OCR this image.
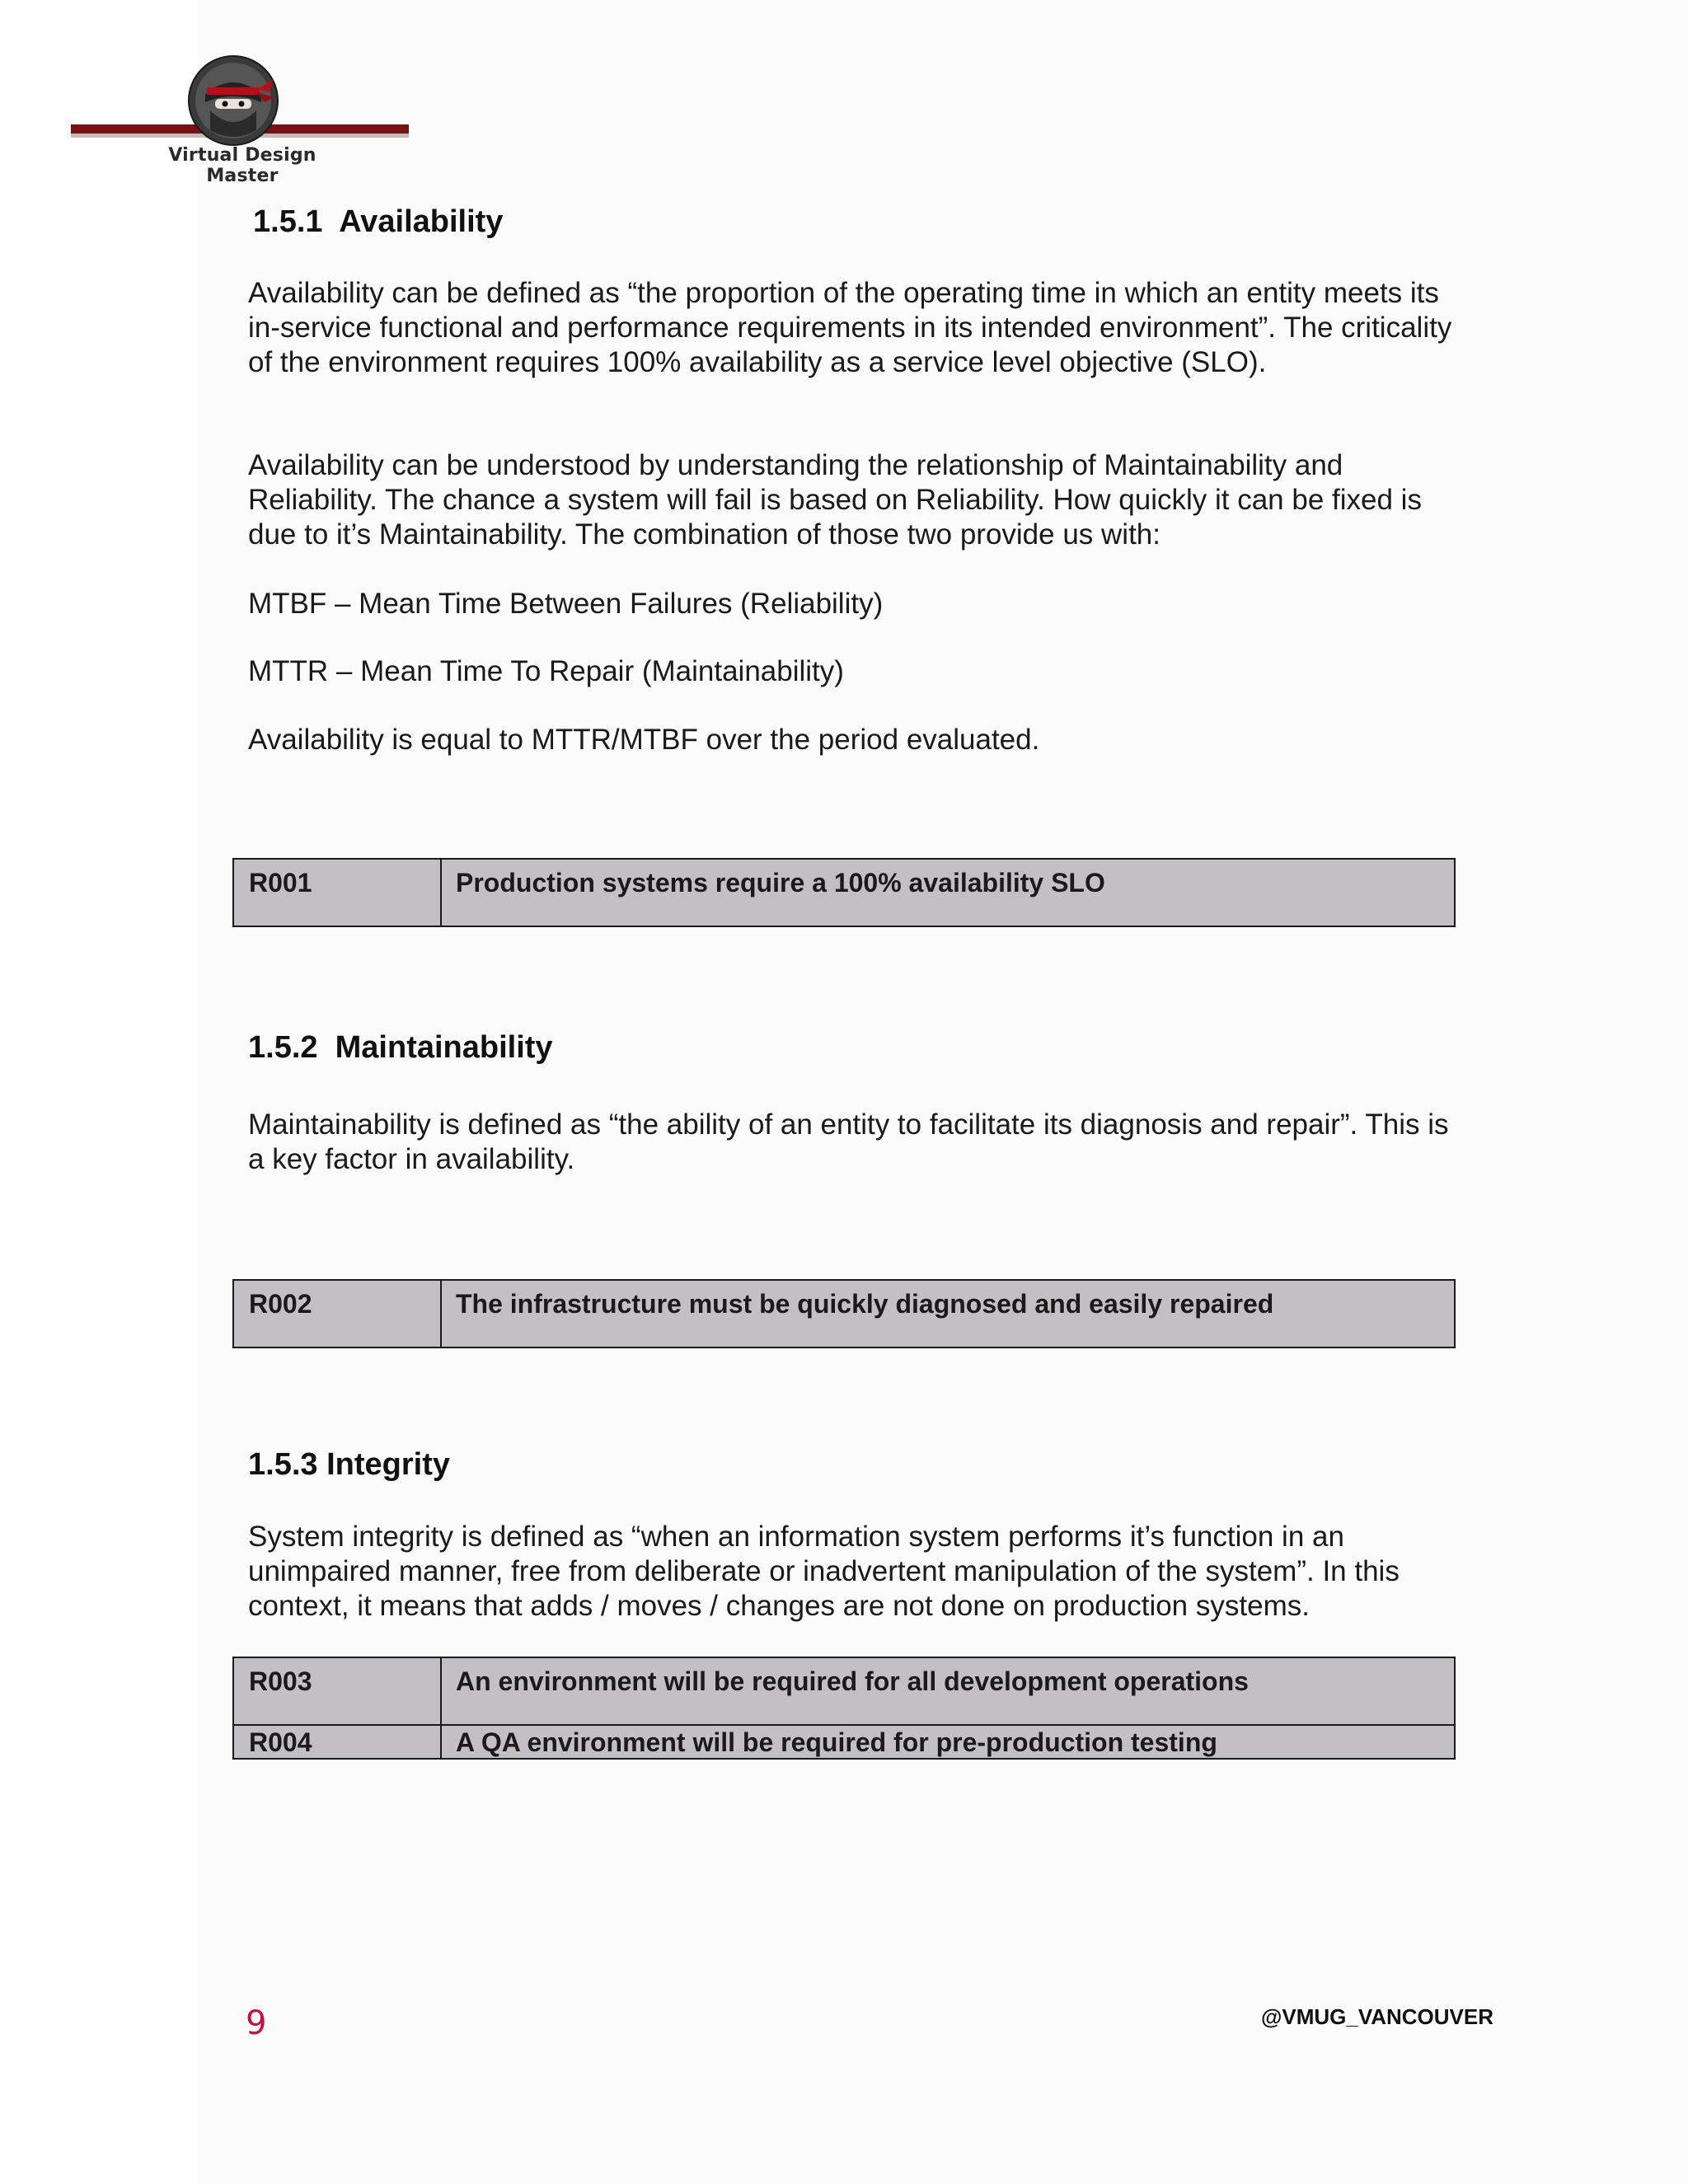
Virtual Design Master
1.5.1  Availability

Availability can be defined as “the proportion of the operating time in which an entity meets its in-service functional and performance requirements in its intended environment”. The criticality of the environment requires 100% availability as a service level objective (SLO).

Availability can be understood by understanding the relationship of Maintainability and Reliability. The chance a system will fail is based on Reliability. How quickly it can be fixed is due to it’s Maintainability. The combination of those two provide us with:

MTBF – Mean Time Between Failures (Reliability)

MTTR – Mean Time To Repair (Maintainability)

Availability is equal to MTTR/MTBF over the period evaluated.

R001	Production systems require a 100% availability SLO
1.5.2  Maintainability

Maintainability is defined as “the ability of an entity to facilitate its diagnosis and repair”. This is a key factor in availability.

R002	The infrastructure must be quickly diagnosed and easily repaired
1.5.3 Integrity

System integrity is defined as “when an information system performs it’s function in an unimpaired manner, free from deliberate or inadvertent manipulation of the system”. In this context, it means that adds / moves / changes are not done on production systems.

R003	An environment will be required for all development operations
R004	A QA environment will be required for pre-production testing
9	@VMUG_VANCOUVER
